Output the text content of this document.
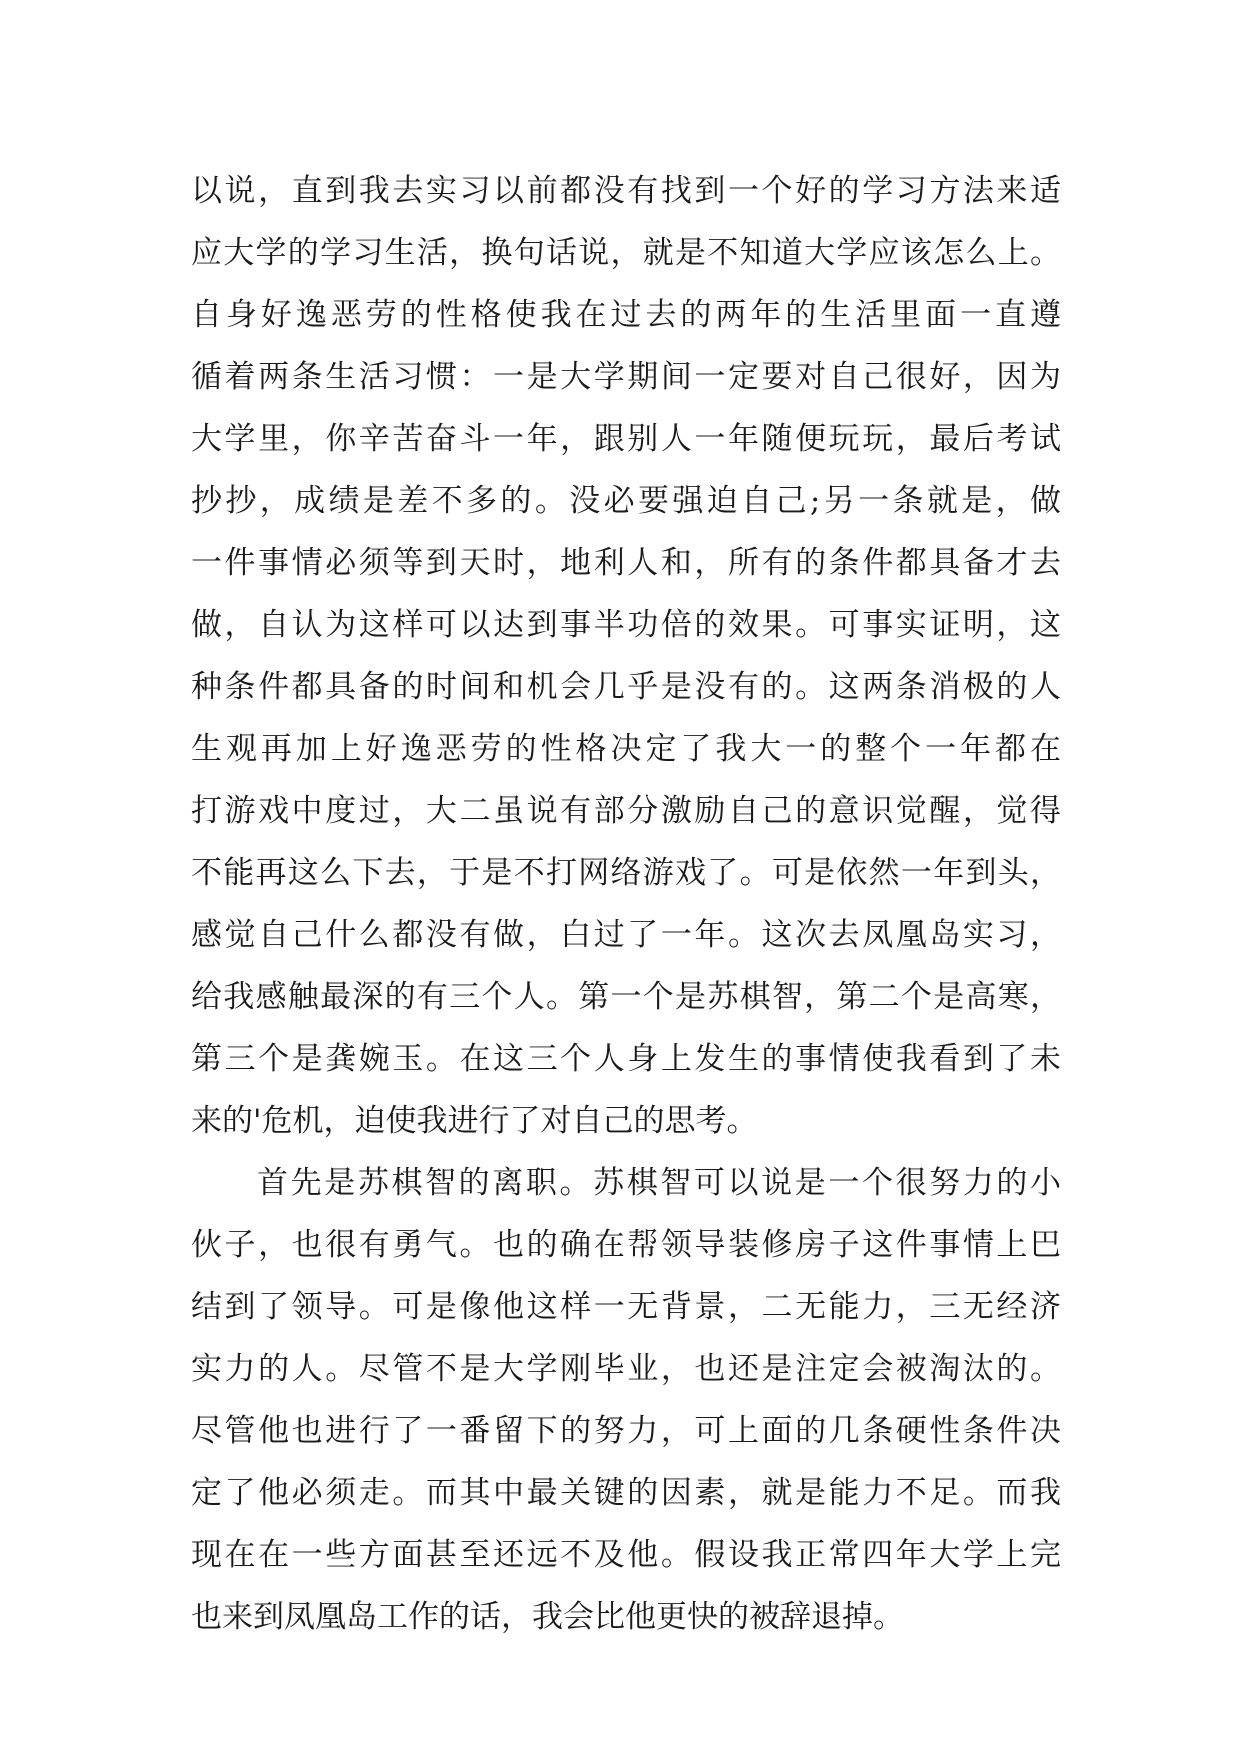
以说，直到我去实习以前都没有找到一个好的学习方法来适
应大学的学习生活，换句话说，就是不知道大学应该怎么上。
自身好逸恶劳的性格使我在过去的两年的生活里面一直遵
循着两条生活习惯：一是大学期间一定要对自己很好，因为
大学里，你辛苦奋斗一年，跟别人一年随便玩玩，最后考试
抄抄，成绩是差不多的。没必要强迫自己;另一条就是，做
一件事情必须等到天时，地利人和，所有的条件都具备才去
做，自认为这样可以达到事半功倍的效果。可事实证明，这
种条件都具备的时间和机会几乎是没有的。这两条消极的人
生观再加上好逸恶劳的性格决定了我大一的整个一年都在
打游戏中度过，大二虽说有部分激励自己的意识觉醒，觉得
不能再这么下去，于是不打网络游戏了。可是依然一年到头，
感觉自己什么都没有做，白过了一年。这次去凤凰岛实习，
给我感触最深的有三个人。第一个是苏棋智，第二个是高寒，
第三个是龚婉玉。在这三个人身上发生的事情使我看到了未
来的'危机，迫使我进行了对自己的思考。
首先是苏棋智的离职。苏棋智可以说是一个很努力的小
伙子，也很有勇气。也的确在帮领导装修房子这件事情上巴
结到了领导。可是像他这样一无背景，二无能力，三无经济
实力的人。尽管不是大学刚毕业，也还是注定会被淘汰的。
尽管他也进行了一番留下的努力，可上面的几条硬性条件决
定了他必须走。而其中最关键的因素，就是能力不足。而我
现在在一些方面甚至还远不及他。假设我正常四年大学上完
也来到凤凰岛工作的话，我会比他更快的被辞退掉。
